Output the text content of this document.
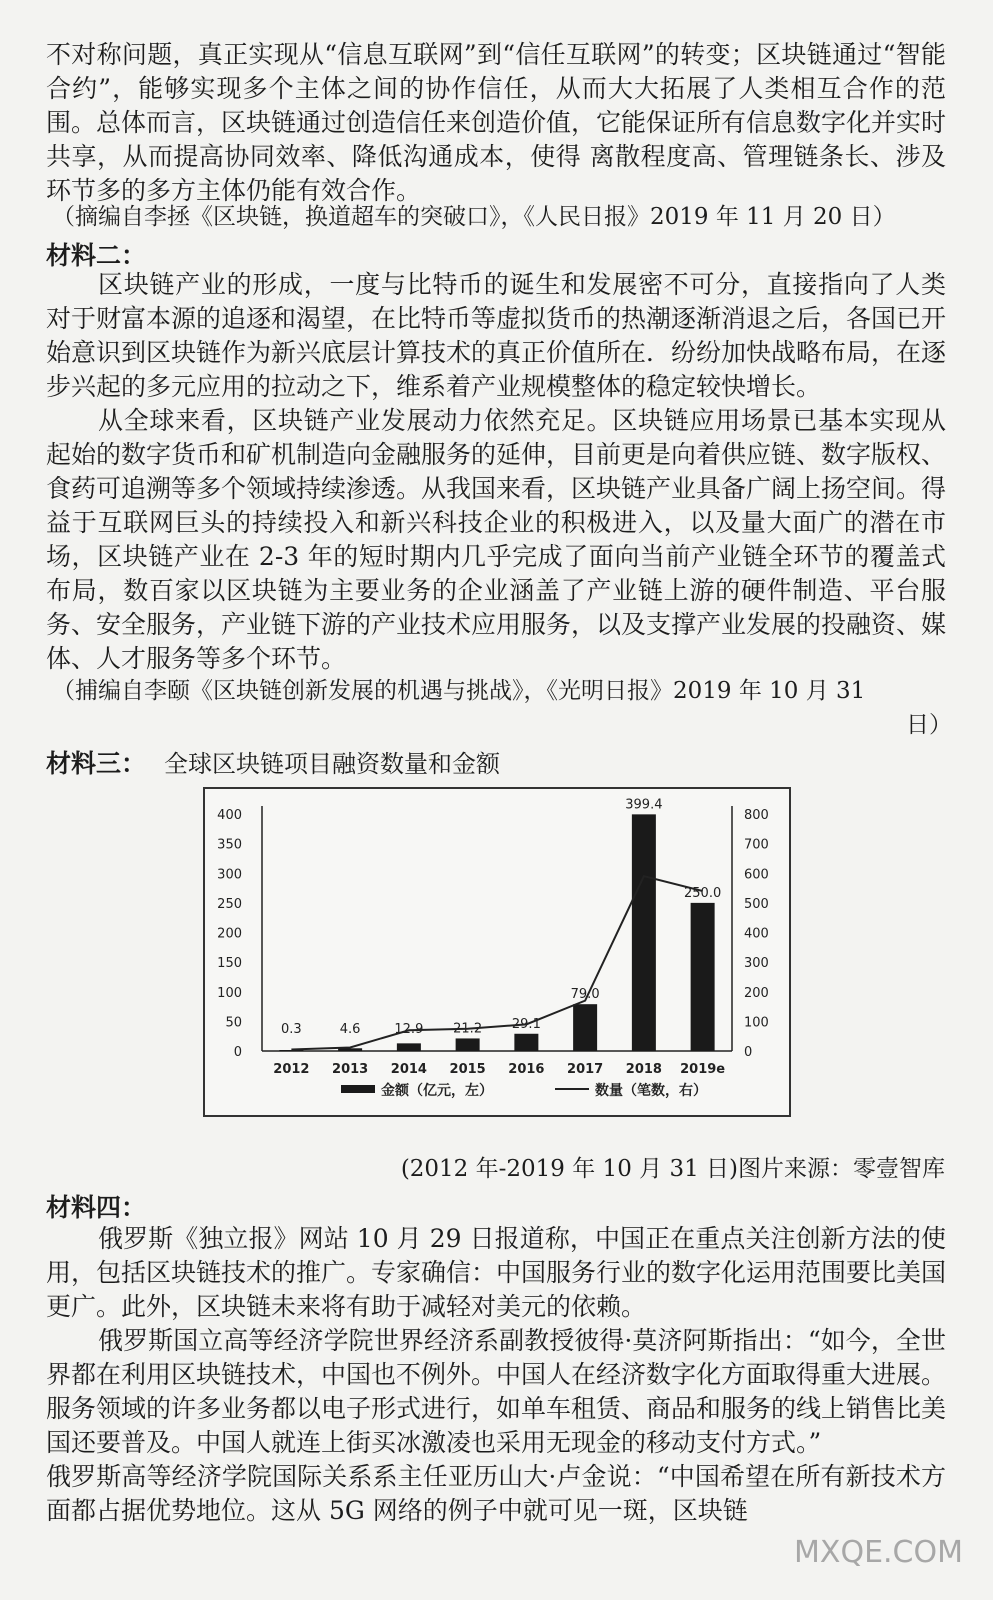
不对称问题，真正实现从“信息互联网”到“信任互联网”的转变；区块链通过“智能合约”，能够实现多个主体之间的协作信任，从而大大拓展了人类相互合作的范围。总体而言，区块链通过创造信任来创造价值，它能保证所有信息数字化并实时共享，从而提高协同效率、降低沟通成本，使得 离散程度高、管理链条长、涉及环节多的多方主体仍能有效合作。

（摘编自李拯《区块链，换道超车的突破口》，《人民日报》2019 年 11 月 20 日）

材料二：

区块链产业的形成，一度与比特币的诞生和发展密不可分，直接指向了人类对于财富本源的追逐和渴望，在比特币等虚拟货币的热潮逐渐消退之后，各国已开始意识到区块链作为新兴底层计算技术的真正价值所在．纷纷加快战略布局，在逐步兴起的多元应用的拉动之下，维系着产业规模整体的稳定较快增长。

从全球来看，区块链产业发展动力依然充足。区块链应用场景已基本实现从起始的数字货币和矿机制造向金融服务的延伸，目前更是向着供应链、数字版权、食药可追溯等多个领域持续渗透。从我国来看，区块链产业具备广阔上扬空间。得益于互联网巨头的持续投入和新兴科技企业的积极进入，以及量大面广的潜在市场，区块链产业在 2-3 年的短时期内几乎完成了面向当前产业链全环节的覆盖式布局，数百家以区块链为主要业务的企业涵盖了产业链上游的硬件制造、平台服务、安全服务，产业链下游的产业技术应用服务，以及支撑产业发展的投融资、媒体、人才服务等多个环节。

（捕编自李颐《区块链创新发展的机遇与挑战》，《光明日报》2019 年 10 月 31

日）

材料三： 全球区块链项目融资数量和金额

0
50
100
150
200
250
300
350
400
0
100
200
300
400
500
600
700
800
0.3
2012
4.6
2013
12.9
2014
21.2
2015
29.1
2016
79.0
2017
399.4
2018
250.0
2019e
金额（亿元，左）	数量（笔数，右）

(2012 年-2019 年 10 月 31 日)图片来源：零壹智库

材料四：

俄罗斯《独立报》网站 10 月 29 日报道称，中国正在重点关注创新方法的使用，包括区块链技术的推广。专家确信：中国服务行业的数字化运用范围要比美国更广。此外，区块链未来将有助于减轻对美元的依赖。

俄罗斯国立高等经济学院世界经济系副教授彼得·莫济阿斯指出：“如今，全世界都在利用区块链技术，中国也不例外。中国人在经济数字化方面取得重大进展。服务领域的许多业务都以电子形式进行，如单车租赁、商品和服务的线上销售比美国还要普及。中国人就连上街买冰激凌也采用无现金的移动支付方式。”

俄罗斯高等经济学院国际关系系主任亚历山大·卢金说：“中国希望在所有新技术方面都占据优势地位。这从 5G 网络的例子中就可见一斑，区块链

MXQE.COM
